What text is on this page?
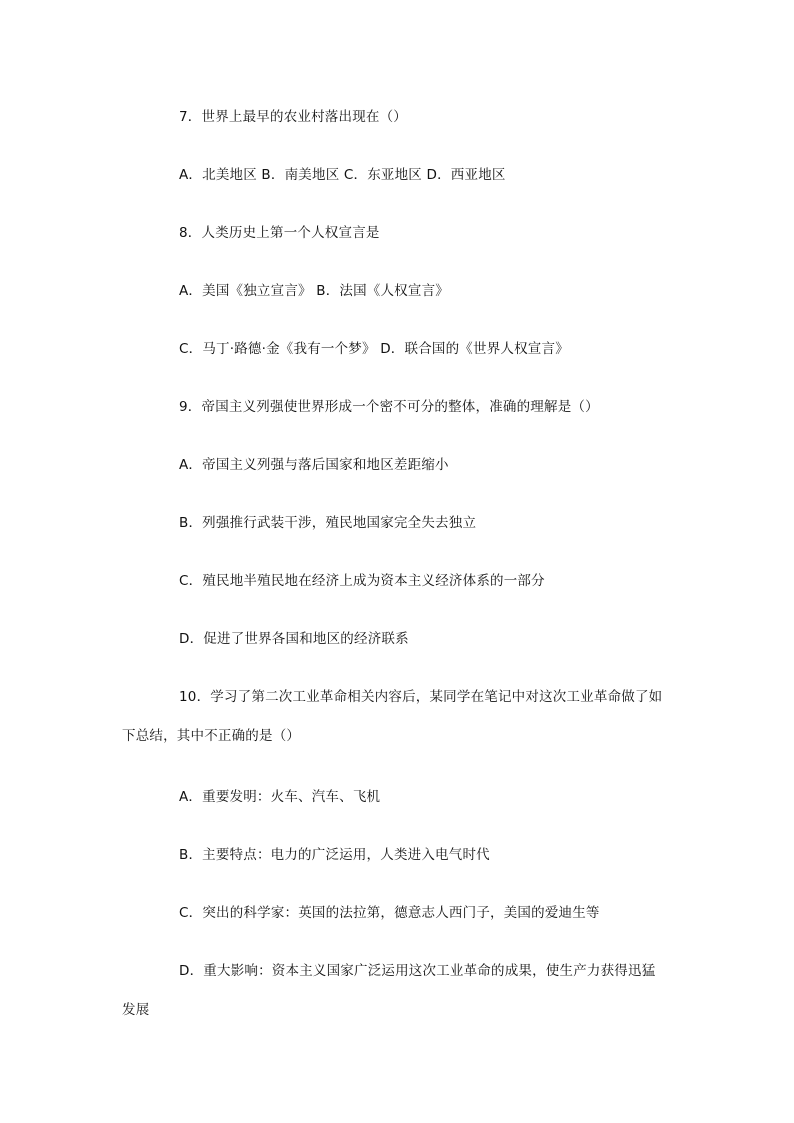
7．世界上最早的农业村落出现在（）
A．北美地区 B．南美地区 C．东亚地区 D．西亚地区
8．人类历史上第一个人权宣言是
A．美国《独立宣言》 B．法国《人权宣言》
C．马丁·路德·金《我有一个梦》 D．联合国的《世界人权宣言》
9．帝国主义列强使世界形成一个密不可分的整体，准确的理解是（）
A．帝国主义列强与落后国家和地区差距缩小
B．列强推行武装干涉，殖民地国家完全失去独立
C．殖民地半殖民地在经济上成为资本主义经济体系的一部分
D．促进了世界各国和地区的经济联系
10．学习了第二次工业革命相关内容后，某同学在笔记中对这次工业革命做了如
下总结，其中不正确的是（）
A．重要发明：火车、汽车、飞机
B．主要特点：电力的广泛运用，人类进入电气时代
C．突出的科学家：英国的法拉第，德意志人西门子，美国的爱迪生等
D．重大影响：资本主义国家广泛运用这次工业革命的成果，使生产力获得迅猛
发展
